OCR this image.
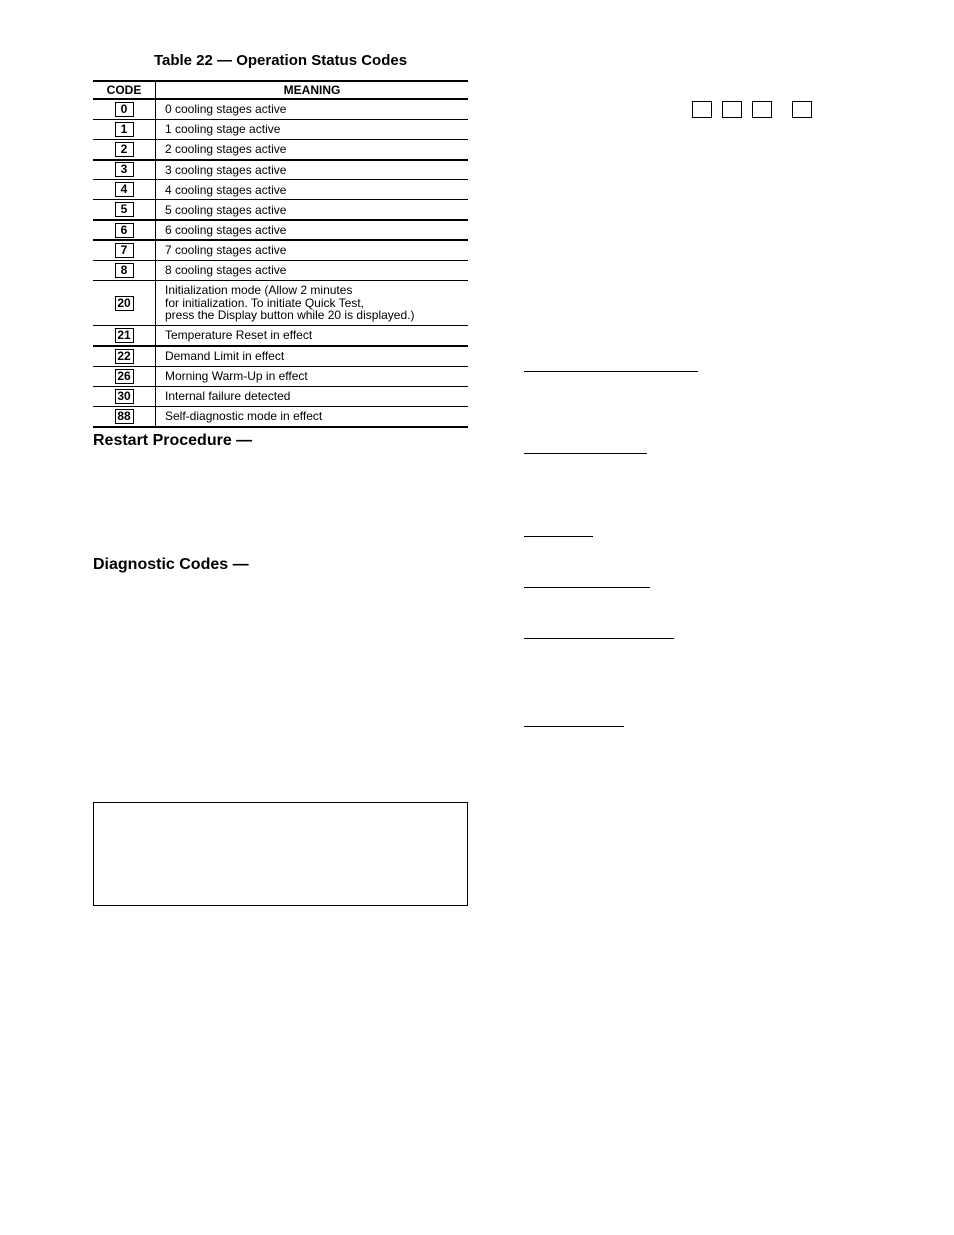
Table 22 — Operation Status Codes
CODE	MEANING
0	0 cooling stages active
1	1 cooling stage active
2	2 cooling stages active
3	3 cooling stages active
4	4 cooling stages active
5	5 cooling stages active
6	6 cooling stages active
7	7 cooling stages active
8	8 cooling stages active
20	Initialization mode (Allow 2 minutes
for initialization. To initiate Quick Test,
press the Display button while 20 is displayed.)

21	Temperature Reset in effect
22	Demand Limit in effect
26	Morning Warm-Up in effect
30	Internal failure detected
88	Self-diagnostic mode in effect
Restart Procedure —
Diagnostic Codes —
